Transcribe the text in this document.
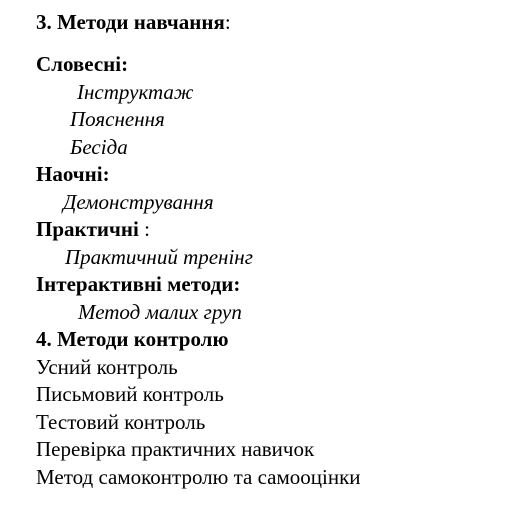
3. Методи навчання:
Словесні:
Інструктаж
Пояснення
Бесіда
Наочні:
Демонстрування
Практичні :
Практичний тренінг
Інтерактивні методи:
Метод малих груп
4. Методи контролю
Усний контроль
Письмовий контроль
Тестовий контроль
Перевірка практичних навичок
Метод самоконтролю та самооцінки
